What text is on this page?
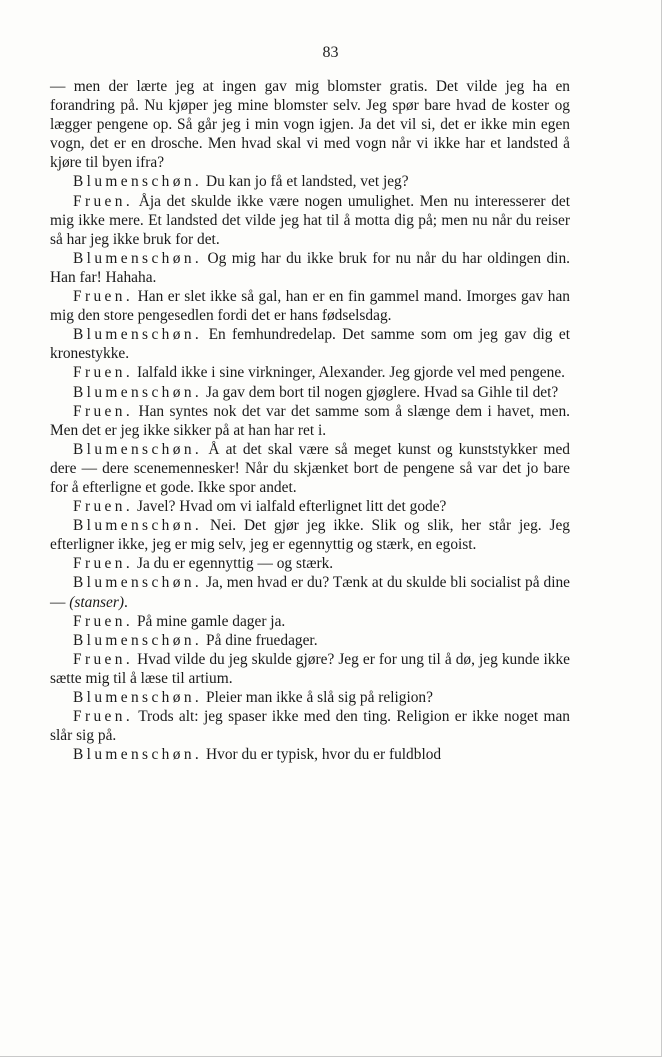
83

— men der lærte jeg at ingen gav mig blomster gratis. Det vilde jeg ha en forandring på. Nu kjøper jeg mine blomster selv. Jeg spør bare hvad de koster og lægger pengene op. Så går jeg i min vogn igjen. Ja det vil si, det er ikke min egen vogn, det er en drosche. Men hvad skal vi med vogn når vi ikke har et landsted å kjøre til byen ifra?

Blumenschøn. Du kan jo få et landsted, vet jeg?

Fruen. Åja det skulde ikke være nogen umulighet. Men nu interesserer det mig ikke mere. Et landsted det vilde jeg hat til å motta dig på; men nu når du reiser så har jeg ikke bruk for det.

Blumenschøn. Og mig har du ikke bruk for nu når du har oldingen din. Han far! Hahaha.

Fruen. Han er slet ikke så gal, han er en fin gammel mand. Imorges gav han mig den store pengesedlen fordi det er hans fødselsdag.

Blumenschøn. En femhundredelap. Det samme som om jeg gav dig et kronestykke.

Fruen. Ialfald ikke i sine virkninger, Alexander. Jeg gjorde vel med pengene.

Blumenschøn. Ja gav dem bort til nogen gjøglere. Hvad sa Gihle til det?

Fruen. Han syntes nok det var det samme som å slænge dem i havet, men. Men det er jeg ikke sikker på at han har ret i.

Blumenschøn. Å at det skal være så meget kunst og kunststykker med dere — dere scenemennesker! Når du skjænket bort de pengene så var det jo bare for å efterligne et gode. Ikke spor andet.

Fruen. Javel? Hvad om vi ialfald efterlignet litt det gode?

Blumenschøn. Nei. Det gjør jeg ikke. Slik og slik, her står jeg. Jeg efterligner ikke, jeg er mig selv, jeg er egennyttig og stærk, en egoist.

Fruen. Ja du er egennyttig — og stærk.

Blumenschøn. Ja, men hvad er du? Tænk at du skulde bli socialist på dine — (stanser).

Fruen. På mine gamle dager ja.

Blumenschøn. På dine fruedager.

Fruen. Hvad vilde du jeg skulde gjøre? Jeg er for ung til å dø, jeg kunde ikke sætte mig til å læse til artium.

Blumenschøn. Pleier man ikke å slå sig på religion?

Fruen. Trods alt: jeg spaser ikke med den ting. Religion er ikke noget man slår sig på.

Blumenschøn. Hvor du er typisk, hvor du er fuldblod
